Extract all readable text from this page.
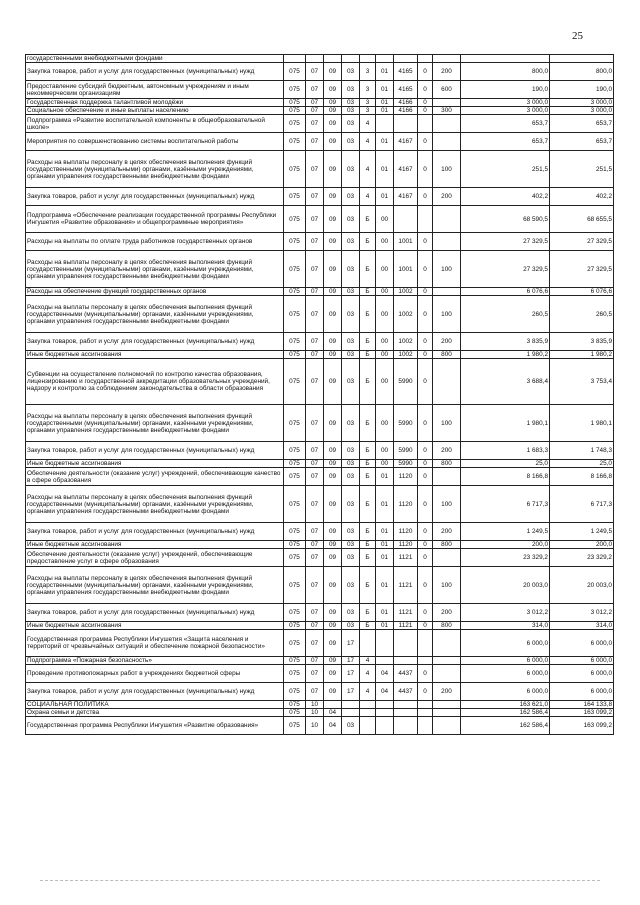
25
государственными внебюджетными фондами											
Закупка товаров, работ и услуг для государственных (муниципальных) нужд	075	07	09	03	3	01	4165	0	200	800,0	800,0
Предоставление субсидий бюджетным, автономным учреждениям и иным некоммерческим организациям	075	07	09	03	3	01	4165	0	600	190,0	190,0
Государственная поддержка талантливой молодёжи	075	07	09	03	3	01	4166	0		3 000,0	3 000,0
Социальное обеспечение и иные выплаты населению	075	07	09	03	3	01	4166	0	300	3 000,0	3 000,0
Подпрограмма «Развитие воспитательной компоненты в общеобразовательной школе»	075	07	09	03	4					653,7	653,7
Мероприятия по совершенствованию системы воспитательной работы	075	07	09	03	4	01	4167	0		653,7	653,7
Расходы на выплаты персоналу в целях обеспечения выполнения функций государственными (муниципальными) органами, казёнными учреждениями, органами управления государственными внебюджетными фондами	075	07	09	03	4	01	4167	0	100	251,5	251,5
Закупка товаров, работ и услуг для государственных (муниципальных) нужд	075	07	09	03	4	01	4167	0	200	402,2	402,2
Подпрограмма «Обеспечение реализации государственной программы Республики Ингушетия «Развитие образования» и общепрограммные мероприятия»	075	07	09	03	Б	00				68 590,5	68 655,5
Расходы на выплаты по оплате труда работников государственных органов	075	07	09	03	Б	00	1001	0		27 329,5	27 329,5
Расходы на выплаты персоналу в целях обеспечения выполнения функций государственными (муниципальными) органами, казёнными учреждениями, органами управления государственными внебюджетными фондами	075	07	09	03	Б	00	1001	0	100	27 329,5	27 329,5
Расходы на обеспечение функций государственных органов	075	07	09	03	Б	00	1002	0		6 076,6	6 076,6
Расходы на выплаты персоналу в целях обеспечения выполнения функций государственными (муниципальными) органами, казёнными учреждениями, органами управления государственными внебюджетными фондами	075	07	09	03	Б	00	1002	0	100	260,5	260,5
Закупка товаров, работ и услуг для государственных (муниципальных) нужд	075	07	09	03	Б	00	1002	0	200	3 835,9	3 835,9
Иные бюджетные ассигнования	075	07	09	03	Б	00	1002	0	800	1 980,2	1 980,2
Субвенции на осуществление полномочий по контролю качества образования, лицензированию и государственной аккредитации образовательных учреждений, надзору и контролю за соблюдением законодательства в области образования	075	07	09	03	Б	00	5990	0		3 688,4	3 753,4
Расходы на выплаты персоналу в целях обеспечения выполнения функций государственными (муниципальными) органами, казёнными учреждениями, органами управления государственными внебюджетными фондами	075	07	09	03	Б	00	5990	0	100	1 980,1	1 980,1
Закупка товаров, работ и услуг для государственных (муниципальных) нужд	075	07	09	03	Б	00	5990	0	200	1 683,3	1 748,3
Иные бюджетные ассигнования	075	07	09	03	Б	00	5990	0	800	25,0	25,0
Обеспечение деятельности (оказание услуг) учреждений, обеспечивающие качество в сфере образования	075	07	09	03	Б	01	1120	0		8 166,8	8 166,8
Расходы на выплаты персоналу в целях обеспечения выполнения функций государственными (муниципальными) органами, казёнными учреждениями, органами управления государственными внебюджетными фондами	075	07	09	03	Б	01	1120	0	100	6 717,3	6 717,3
Закупка товаров, работ и услуг для государственных (муниципальных) нужд	075	07	09	03	Б	01	1120	0	200	1 249,5	1 249,5
Иные бюджетные ассигнования	075	07	09	03	Б	01	1120	0	800	200,0	200,0
Обеспечение деятельности (оказание услуг) учреждений, обеспечивающие предоставление услуг в сфере образования	075	07	09	03	Б	01	1121	0		23 329,2	23 329,2
Расходы на выплаты персоналу в целях обеспечения выполнения функций государственными (муниципальными) органами, казёнными учреждениями, органами управления государственными внебюджетными фондами	075	07	09	03	Б	01	1121	0	100	20 003,0	20 003,0
Закупка товаров, работ и услуг для государственных (муниципальных) нужд	075	07	09	03	Б	01	1121	0	200	3 012,2	3 012,2
Иные бюджетные ассигнования	075	07	09	03	Б	01	1121	0	800	314,0	314,0
Государственная программа Республики Ингушетия «Защита населения и территорий от чрезвычайных ситуаций и обеспечение пожарной безопасности»	075	07	09	17						6 000,0	6 000,0
Подпрограмма «Пожарная безопасность»	075	07	09	17	4					6 000,0	6 000,0
Проведение противопожарных работ в учреждениях бюджетной сферы	075	07	09	17	4	04	4437	0		6 000,0	6 000,0
Закупка товаров, работ и услуг для государственных (муниципальных) нужд	075	07	09	17	4	04	4437	0	200	6 000,0	6 000,0
СОЦИАЛЬНАЯ ПОЛИТИКА	075	10								163 621,0	164 133,8
Охрана семьи и детства	075	10	04							162 586,4	163 099,2
Государственная программа Республики Ингушетия «Развитие образования»	075	10	04	03						162 586,4	163 099,2
